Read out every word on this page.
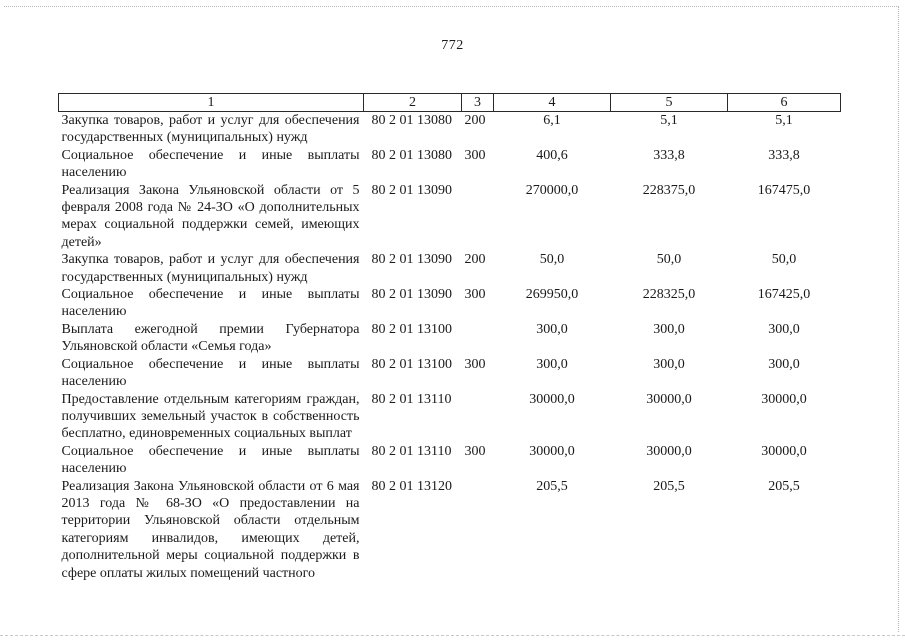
772
1	2	3	4	5	6
Закупка товаров, работ и услуг для обеспечения государственных (муниципальных) нужд	80 2 01 13080	200	6,1	5,1	5,1
Социальное обеспечение и иные выплаты населению	80 2 01 13080	300	400,6	333,8	333,8
Реализация Закона Ульяновской области от 5 февраля 2008 года № 24-ЗО «О дополнительных мерах социальной поддержки семей, имеющих детей»	80 2 01 13090		270000,0	228375,0	167475,0
Закупка товаров, работ и услуг для обеспечения государственных (муниципальных) нужд	80 2 01 13090	200	50,0	50,0	50,0
Социальное обеспечение и иные выплаты населению	80 2 01 13090	300	269950,0	228325,0	167425,0
Выплата ежегодной премии Губернатора Ульяновской области «Семья года»	80 2 01 13100		300,0	300,0	300,0
Социальное обеспечение и иные выплаты населению	80 2 01 13100	300	300,0	300,0	300,0
Предоставление отдельным категориям граждан, получивших земельный участок в собственность бесплатно, единовременных социальных выплат	80 2 01 13110		30000,0	30000,0	30000,0
Социальное обеспечение и иные выплаты населению	80 2 01 13110	300	30000,0	30000,0	30000,0
Реализация Закона Ульяновской области от 6 мая 2013 года № 68-ЗО «О предоставлении на территории Ульяновской области отдельным категориям инвалидов, имеющих детей, дополнительной меры социальной поддержки в сфере оплаты жилых помещений частного	80 2 01 13120		205,5	205,5	205,5
